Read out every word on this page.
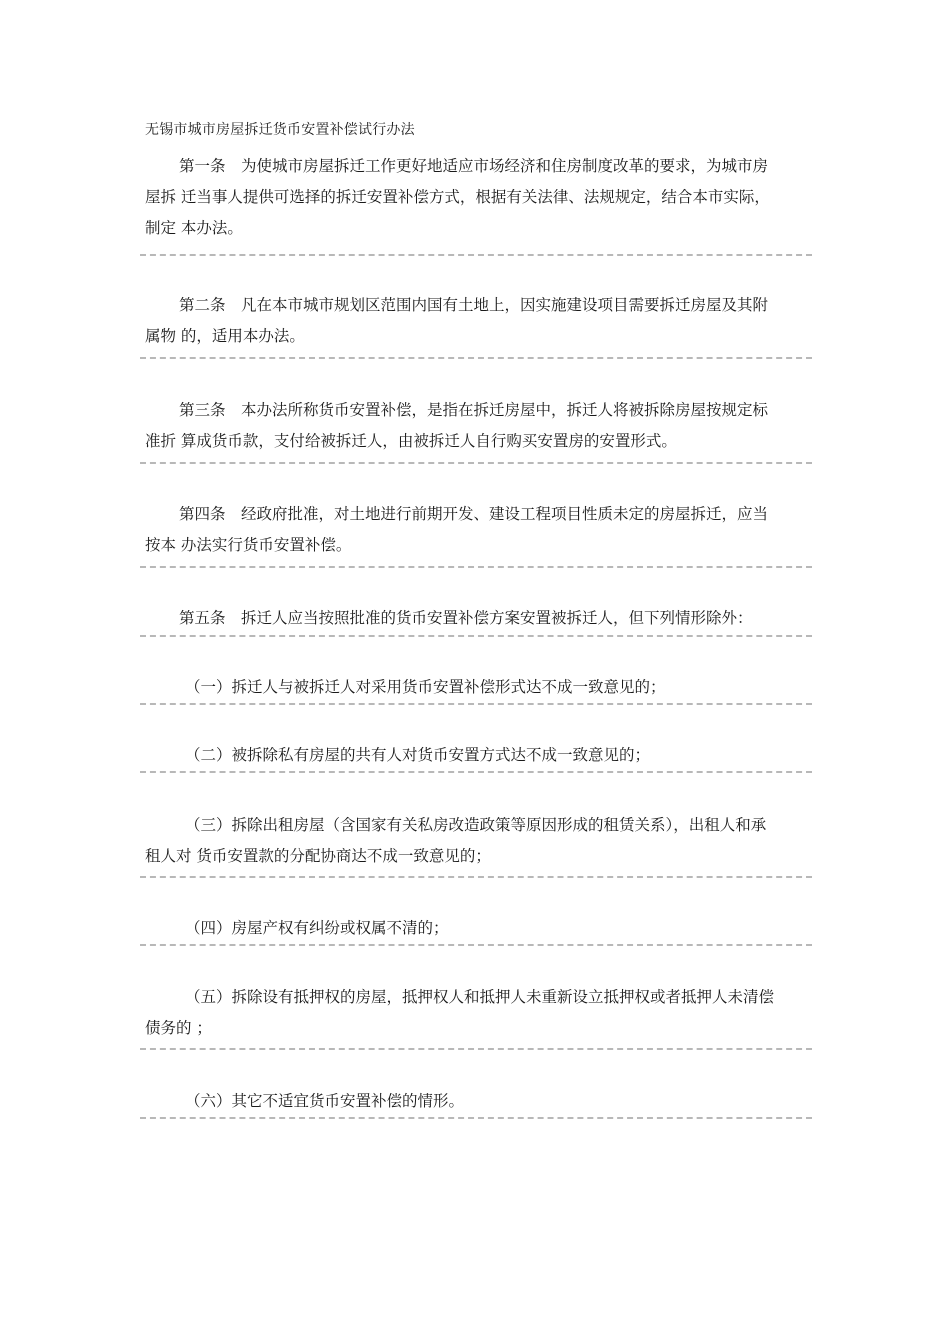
无锡市城市房屋拆迁货币安置补偿试行办法
第一条　为使城市房屋拆迁工作更好地适应市场经济和住房制度改革的要求，为城市房
屋拆 迁当事人提供可选择的拆迁安置补偿方式，根据有关法律、法规规定，结合本市实际，
制定 本办法。
第二条　凡在本市城市规划区范围内国有土地上，因实施建设项目需要拆迁房屋及其附
属物 的，适用本办法。
第三条　本办法所称货币安置补偿，是指在拆迁房屋中，拆迁人将被拆除房屋按规定标
准折 算成货币款，支付给被拆迁人，由被拆迁人自行购买安置房的安置形式。
第四条　经政府批准，对土地进行前期开发、建设工程项目性质未定的房屋拆迁，应当
按本 办法实行货币安置补偿。
第五条　拆迁人应当按照批准的货币安置补偿方案安置被拆迁人，但下列情形除外：
（一）拆迁人与被拆迁人对采用货币安置补偿形式达不成一致意见的；
（二）被拆除私有房屋的共有人对货币安置方式达不成一致意见的；
（三）拆除出租房屋（含国家有关私房改造政策等原因形成的租赁关系），出租人和承
租人对 货币安置款的分配协商达不成一致意见的；
（四）房屋产权有纠纷或权属不清的；
（五）拆除设有抵押权的房屋，抵押权人和抵押人未重新设立抵押权或者抵押人未清偿
债务的 ；
（六）其它不适宜货币安置补偿的情形。
